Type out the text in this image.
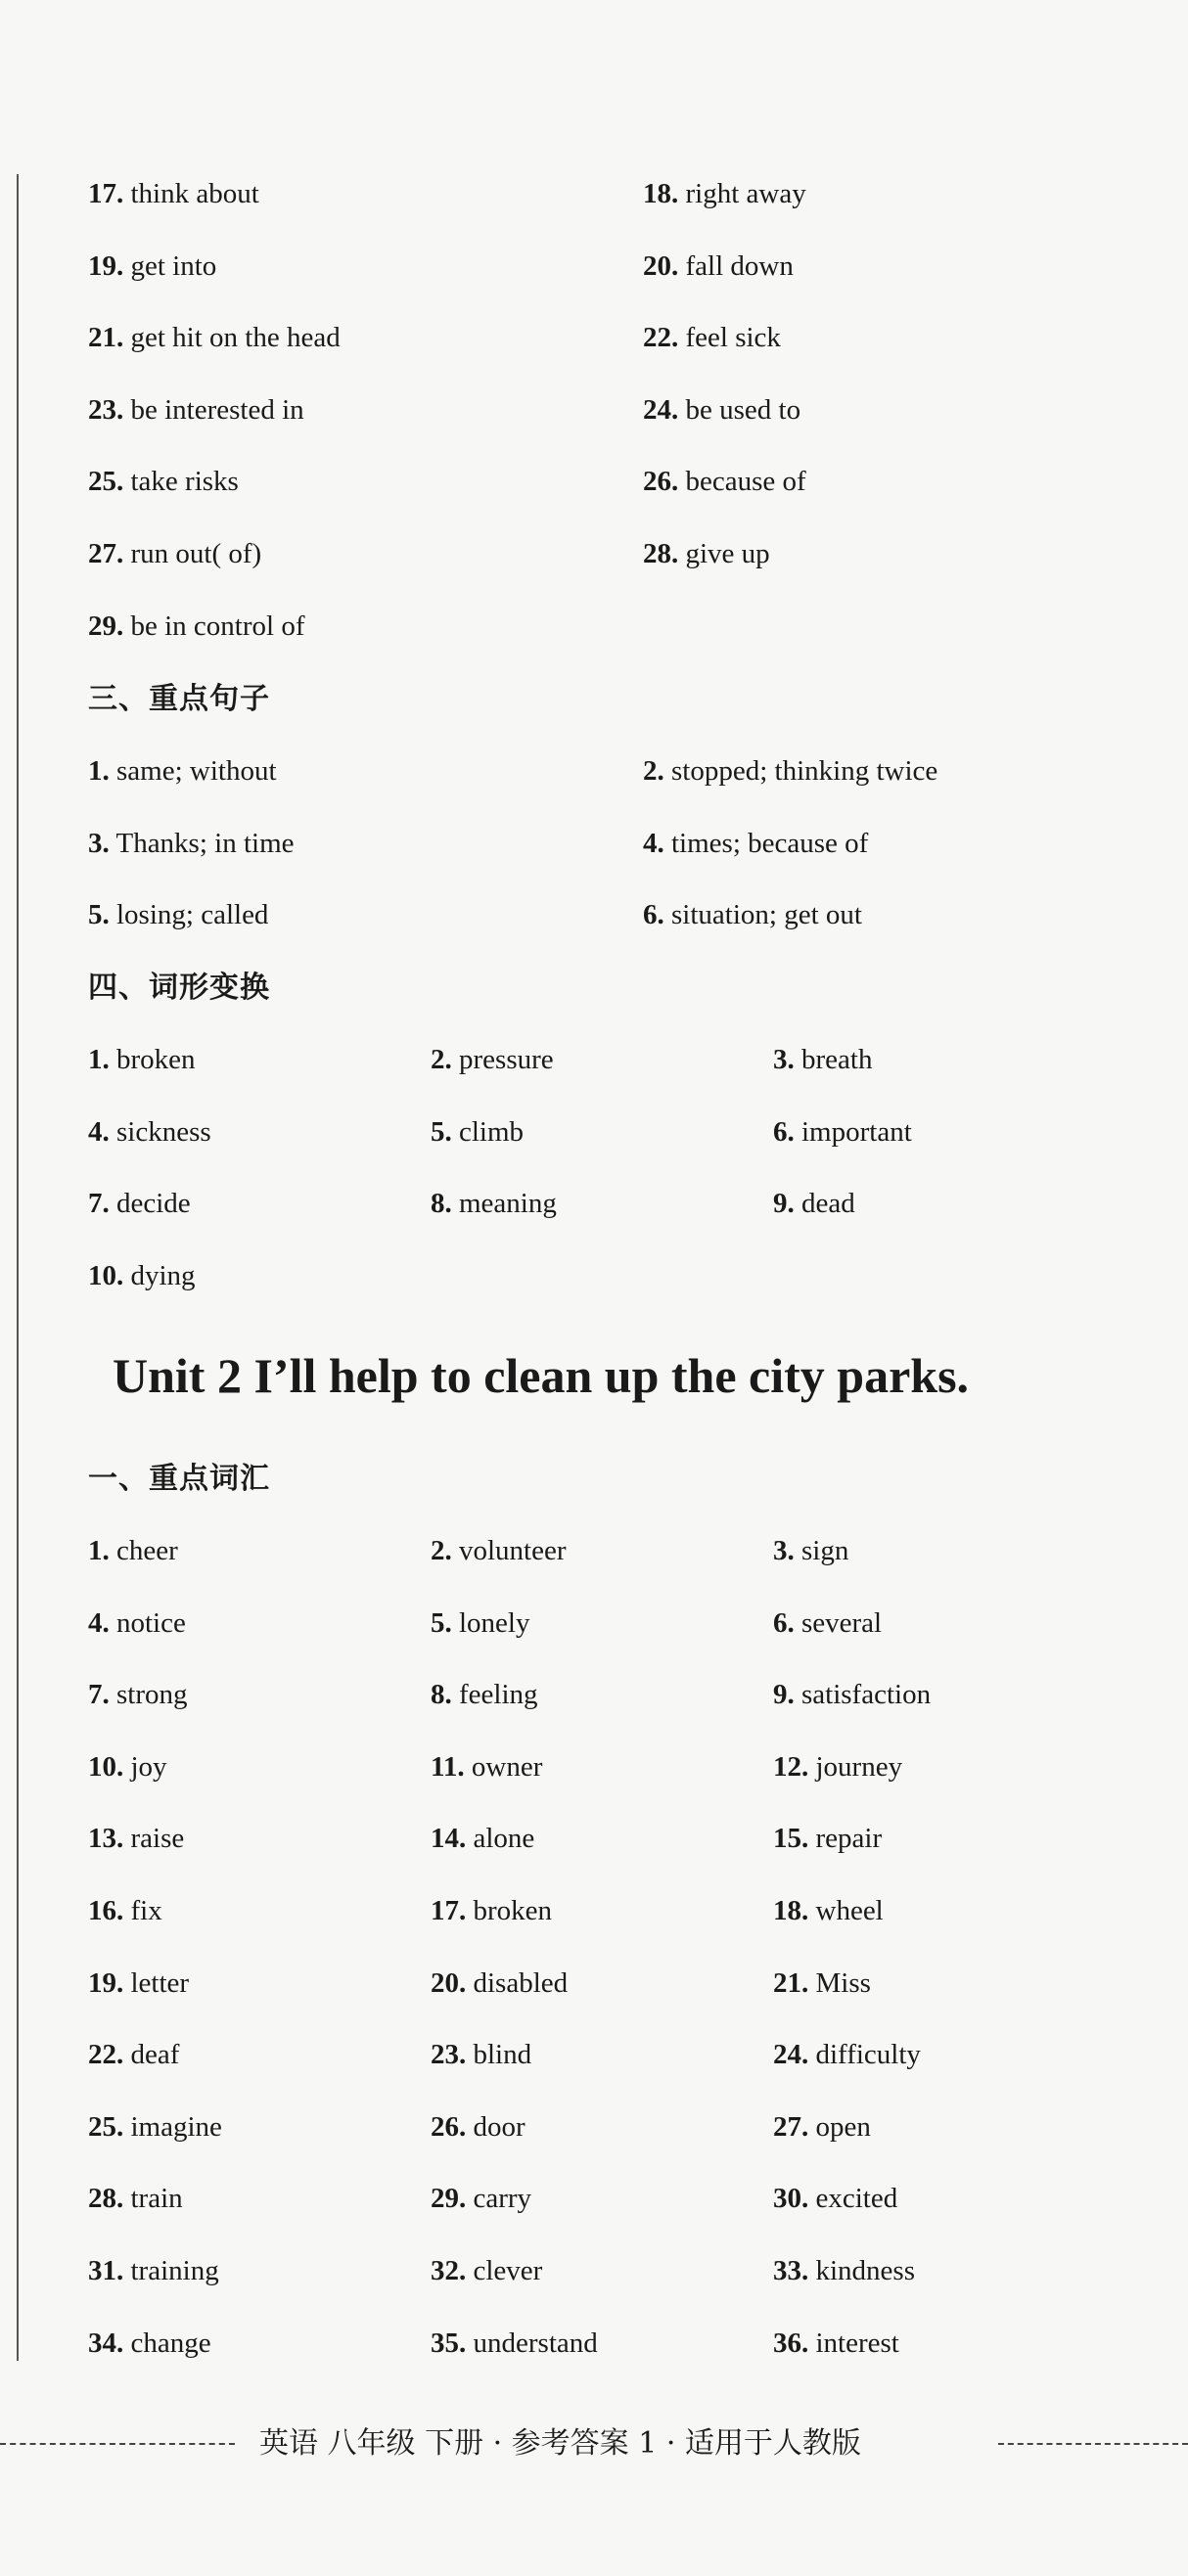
17. think about	18. right away
19. get into	20. fall down
21. get hit on the head	22. feel sick
23. be interested in	24. be used to
25. take risks	26. because of
27. run out( of)	28. give up
29. be in control of
1. same; without	2. stopped; thinking twice
3. Thanks; in time	4. times; because of
5. losing; called	6. situation; get out
1. broken	2. pressure	3. breath
4. sickness	5. climb	6. important
7. decide	8. meaning	9. dead
10. dying
1. cheer	2. volunteer	3. sign
4. notice	5. lonely	6. several
7. strong	8. feeling	9. satisfaction
10. joy	11. owner	12. journey
13. raise	14. alone	15. repair
16. fix	17. broken	18. wheel
19. letter	20. disabled	21. Miss
22. deaf	23. blind	24. difficulty
25. imagine	26. door	27. open
28. train	29. carry	30. excited
31. training	32. clever	33. kindness
34. change	35. understand	36. interest
三、重点句子
四、词形变换
Unit 2 I’ll help to clean up the city parks.
一、重点词汇
英语 八年级 下册 · 参考答案 1 · 适用于人教版
